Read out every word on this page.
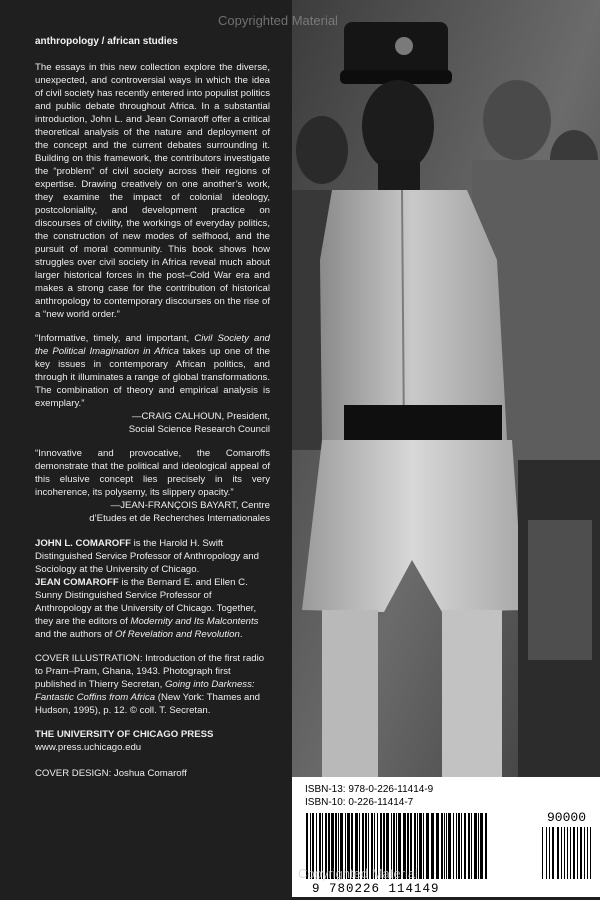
anthropology / african studies

The essays in this new collection explore the diverse, unexpected, and controversial ways in which the idea of civil society has recently entered into populist politics and public debate throughout Africa. In a substantial introduction, John L. and Jean Comaroff offer a critical theoretical analysis of the nature and deployment of the concept and the current debates surrounding it. Building on this framework, the contributors investigate the “problem” of civil society across their regions of expertise. Drawing creatively on one another’s work, they examine the impact of colonial ideology, postcoloniality, and development practice on discourses of civility, the workings of everyday politics, the construction of new modes of selfhood, and the pursuit of moral community. This book shows how struggles over civil society in Africa reveal much about larger historical forces in the post–Cold War era and makes a strong case for the contribution of historical anthropology to contemporary discourses on the rise of a “new world order.”

“Informative, timely, and important, Civil Society and the Political Imagination in Africa takes up one of the key issues in contemporary African politics, and through it illuminates a range of global transformations. The combination of theory and empirical analysis is exemplary.”
—CRAIG CALHOUN, President,
Social Science Research Council

“Innovative and provocative, the Comaroffs demonstrate that the political and ideological appeal of this elusive concept lies precisely in its very incoherence, its polysemy, its slippery opacity.”
—JEAN-FRANÇOIS BAYART, Centre
d’Etudes et de Recherches Internationales

JOHN L. COMAROFF is the Harold H. Swift Distinguished Service Professor of Anthropology and Sociology at the University of Chicago.

JEAN COMAROFF is the Bernard E. and Ellen C. Sunny Distinguished Service Professor of Anthropology at the University of Chicago. Together, they are the editors of Modernity and Its Malcontents and the authors of Of Revelation and Revolution.

COVER ILLUSTRATION: Introduction of the first radio to Pram–Pram, Ghana, 1943. Photograph first published in Thierry Secretan, Going into Darkness: Fantastic Coffins from Africa (New York: Thames and Hudson, 1995), p. 12. © coll. T. Secretan.

THE UNIVERSITY OF CHICAGO PRESS

www.press.uchicago.edu

COVER DESIGN: Joshua Comaroff

Copyrighted Material
90000
ISBN-13: 978-0-226-11414-9
ISBN-10: 0-226-11414-7
9 780226 114149
Copyrighted Material
